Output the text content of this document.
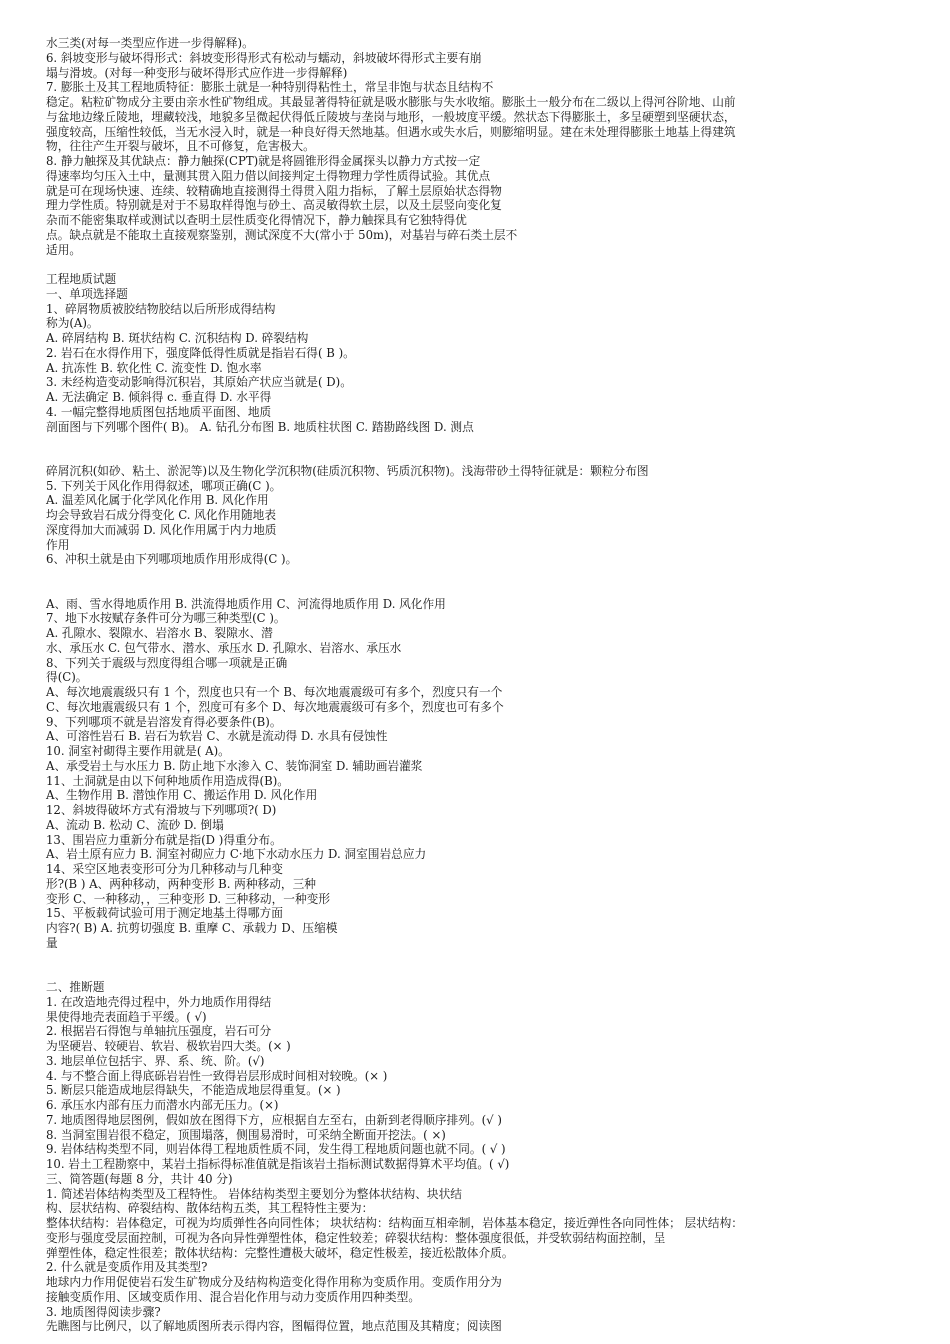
水三类(对每一类型应作进一步得解释)。
6. 斜坡变形与破坏得形式：斜坡变形得形式有松动与蠕动，斜坡破坏得形式主要有崩
塌与滑坡。(对每一种变形与破坏得形式应作进一步得解释)
7. 膨胀土及其工程地质特征：膨胀土就是一种特别得粘性土，常呈非饱与状态且结构不
稳定。粘粒矿物成分主要由亲水性矿物组成。其最显著得特征就是吸水膨胀与失水收缩。膨胀土一般分布在二级以上得河谷阶地、山前
与盆地边缘丘陵地，埋藏较浅，地貌多呈微起伏得低丘陵坡与垄岗与地形，一般坡度平缓。然状态下得膨胀土，多呈硬塑到坚硬状态，
强度较高，压缩性较低，当无水浸入时，就是一种良好得天然地基。但遇水或失水后，则膨缩明显。建在未处理得膨胀土地基上得建筑
物，往往产生开裂与破坏，且不可修复，危害极大。
8. 静力触探及其优缺点：静力触探(CPT)就是将圆锥形得金属探头以静力方式按一定
得速率均匀压入土中，量测其贯入阻力借以间接判定土得物理力学性质得试验。其优点
就是可在现场快速、连续、较精确地直接测得土得贯入阻力指标，了解土层原始状态得物
理力学性质。特别就是对于不易取样得饱与砂土、高灵敏得软土层，以及土层竖向变化复
杂而不能密集取样或测试以查明土层性质变化得情况下，静力触探具有它独特得优
点。缺点就是不能取土直接观察鉴别，测试深度不大(常小于 50m)，对基岩与碎石类土层不
适用。
工程地质试题
一、单项选择题
1、碎屑物质被胶结物胶结以后所形成得结构
称为(A)。
A. 碎屑结构 B. 斑状结构 C. 沉积结构 D. 碎裂结构
2. 岩石在水得作用下，强度降低得性质就是指岩石得( B )。
A. 抗冻性 B. 软化性 C. 流变性 D. 饱水率
3. 未经构造变动影响得沉积岩，其原始产状应当就是( D)。
A. 无法确定 B. 倾斜得 c. 垂直得 D. 水平得
4. 一幅完整得地质图包括地质平面图、地质
剖面图与下列哪个图件( B)。 A. 钻孔分布图 B. 地质柱状图 C. 踏勘路线图 D. 测点
碎屑沉积(如砂、粘土、淤泥等)以及生物化学沉积物(硅质沉积物、钙质沉积物)。浅海带砂土得特征就是：颗粒分布图
5. 下列关于风化作用得叙述，哪项正确(C )。
A. 温差风化属于化学风化作用 B. 风化作用
均会导致岩石成分得变化 C. 风化作用随地表
深度得加大而减弱 D. 风化作用属于内力地质
作用
6、冲积土就是由下列哪项地质作用形成得(C )。
A、雨、雪水得地质作用 B. 洪流得地质作用 C、河流得地质作用 D. 风化作用
7、地下水按赋存条件可分为哪三种类型(C )。
A. 孔隙水、裂隙水、岩溶水 B、裂隙水、潜
水、承压水 C. 包气带水、潜水、承压水 D. 孔隙水、岩溶水、承压水
8、下列关于震级与烈度得组合哪一项就是正确
得(C)。
A、每次地震震级只有 1 个，烈度也只有一个 B、每次地震震级可有多个，烈度只有一个
C、每次地震震级只有 1 个，烈度可有多个 D、每次地震震级可有多个，烈度也可有多个
9、下列哪项不就是岩溶发育得必要条件(B)。
A、可溶性岩石 B. 岩石为软岩 C、水就是流动得 D. 水具有侵蚀性
10. 洞室衬砌得主要作用就是( A)。
A、承受岩土与水压力 B. 防止地下水渗入 C、装饰洞室 D. 辅助画岩灌浆
11、土洞就是由以下何种地质作用造成得(B)。
A、生物作用 B. 潜蚀作用 C、搬运作用 D. 风化作用
12、斜坡得破坏方式有滑坡与下列哪项?( D)
A、流动 B. 松动 C、流砂 D. 倒塌
13、围岩应力重新分布就是指(D )得重分布。
A、岩土原有应力 B. 洞室衬砌应力 C·地下水动水压力 D. 洞室围岩总应力
14、采空区地表变形可分为几种移动与几种变
形?(B ) A、两种移动，两种变形 B. 两种移动，三种
变形 C、一种移动，，三种变形 D. 三种移动，一种变形
15、平板载荷试验可用于测定地基土得哪方面
内容?( B) A. 抗剪切强度 B. 重摩 C、承载力 D、压缩模
量
二、推断题
1. 在改造地壳得过程中，外力地质作用得结
果使得地壳表面趋于平缓。( √)
2. 根据岩石得饱与单轴抗压强度，岩石可分
为坚硬岩、较硬岩、软岩、极软岩四大类。(× )
3. 地层单位包括宇、界、系、统、阶。(√)
4. 与不整合面上得底砾岩岩性一致得岩层形成时间相对较晚。(× )
5. 断层只能造成地层得缺失，不能造成地层得重复。(× )
6. 承压水内部有压力而潜水内部无压力。(×)
7. 地质图得地层图例，假如放在图得下方，应根据自左至右，由新到老得顺序排列。(√ )
8. 当洞室围岩很不稳定，顶围塌落，侧围易滑时，可采纳全断面开挖法。( ×)
9. 岩体结构类型不同，则岩体得工程地质性质不同，发生得工程地质问题也就不同。( √ )
10. 岩土工程勘察中，某岩土指标得标准值就是指该岩土指标测试数据得算术平均值。( √)
三、简答题(每题 8 分，共计 40 分)
1. 简述岩体结构类型及工程特性。 岩体结构类型主要划分为整体状结构、块状结
构、层状结构、碎裂结构、散体结构五类，其工程特性主要为：
整体状结构：岩体稳定，可视为均质弹性各向同性体； 块状结构：结构面互相牵制，岩体基本稳定，接近弹性各向同性体； 层状结构：
变形与强度受层面控制，可视为各向异性弹塑性体，稳定性较差；碎裂状结构：整体强度很低，并受软弱结构面控制，呈
弹塑性体，稳定性很差；散体状结构：完整性遭极大破坏，稳定性极差，接近松散体介质。
2. 什么就是变质作用及其类型?
地球内力作用促使岩石发生矿物成分及结构构造变化得作用称为变质作用。变质作用分为
接触变质作用、区域变质作用、混合岩化作用与动力变质作用四种类型。
3. 地质图得阅读步骤?
先瞧图与比例尺，以了解地质图所表示得内容，图幅得位置，地点范围及其精度；阅读图
